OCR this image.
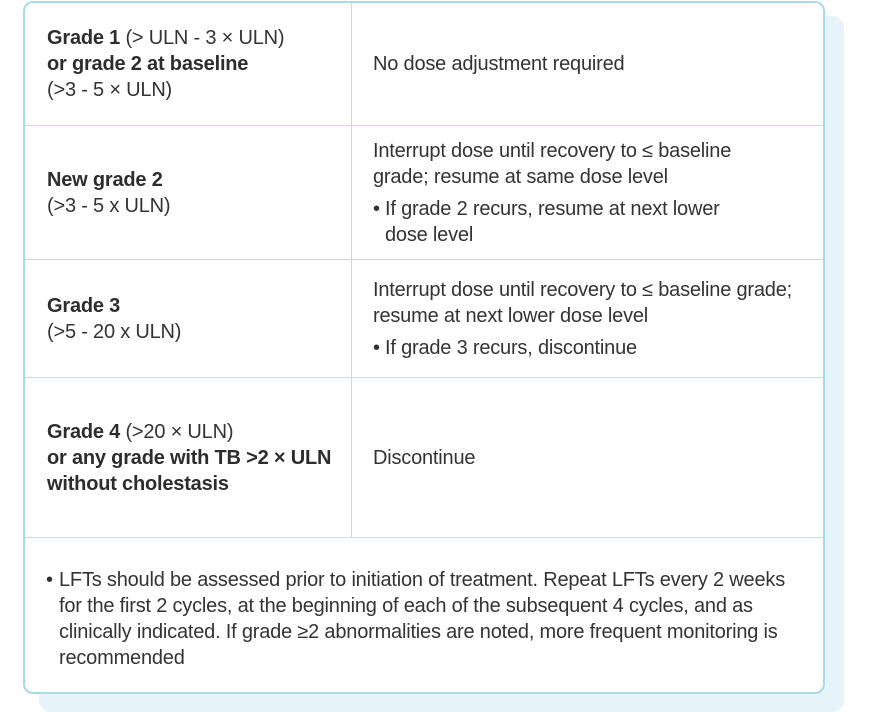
Grade 1 (> ULN - 3 × ULN)
or grade 2 at baseline
(>3 - 5 × ULN)
No dose adjustment required
New grade 2
(>3 - 5 x ULN)
Interrupt dose until recovery to ≤ baseline grade; resume at same dose level
• If grade 2 recurs, resume at next lower dose level
Grade 3
(>5 - 20 x ULN)
Interrupt dose until recovery to ≤ baseline grade; resume at next lower dose level
• If grade 3 recurs, discontinue
Grade 4 (>20 × ULN)
or any grade with TB >2 × ULN without cholestasis
Discontinue
• LFTs should be assessed prior to initiation of treatment. Repeat LFTs every 2 weeks for the first 2 cycles, at the beginning of each of the subsequent 4 cycles, and as clinically indicated. If grade ≥2 abnormalities are noted, more frequent monitoring is recommended
